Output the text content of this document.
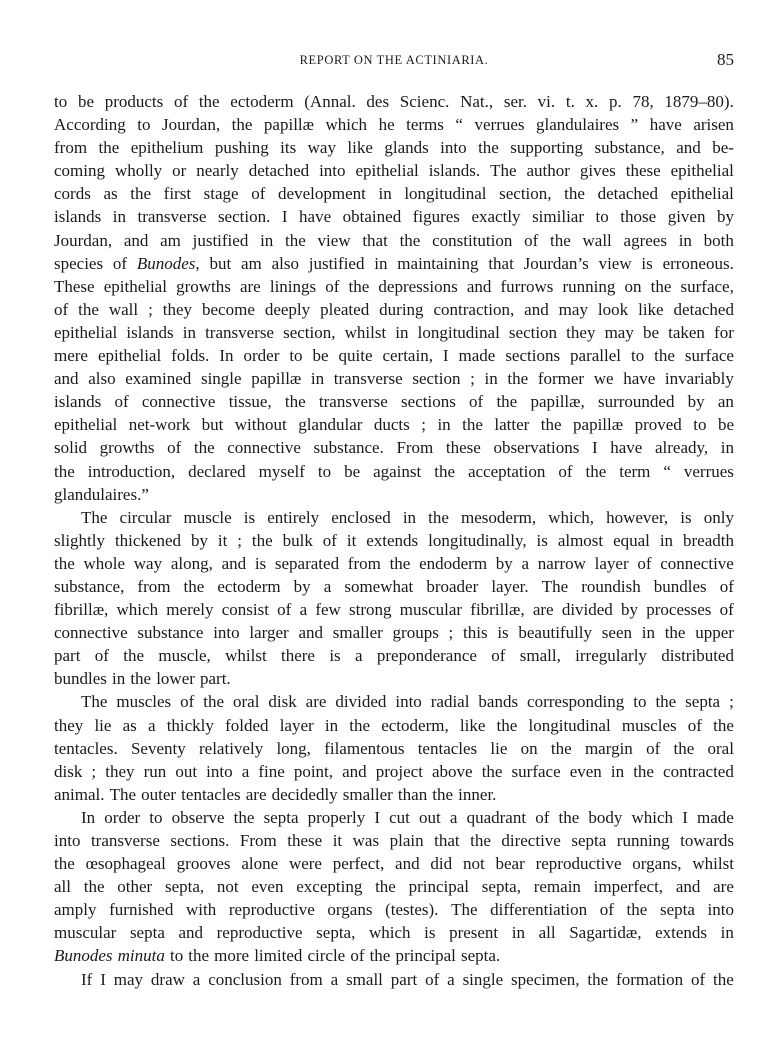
REPORT ON THE ACTINIARIA.	85
to be products of the ectoderm (Annal. des Scienc. Nat., ser. vi. t. x. p. 78, 1879–80).
According to Jourdan, the papillæ which he terms “ verrues glandulaires ” have arisen
from the epithelium pushing its way like glands into the supporting substance, and be-
coming wholly or nearly detached into epithelial islands. The author gives these epithelial
cords as the first stage of development in longitudinal section, the detached epithelial
islands in transverse section. I have obtained figures exactly similiar to those given by
Jourdan, and am justified in the view that the constitution of the wall agrees in both
species of Bunodes, but am also justified in maintaining that Jourdan’s view is erroneous.
These epithelial growths are linings of the depressions and furrows running on the surface,
of the wall ; they become deeply pleated during contraction, and may look like detached
epithelial islands in transverse section, whilst in longitudinal section they may be taken for
mere epithelial folds. In order to be quite certain, I made sections parallel to the surface
and also examined single papillæ in transverse section ; in the former we have invariably
islands of connective tissue, the transverse sections of the papillæ, surrounded by an
epithelial net-work but without glandular ducts ; in the latter the papillæ proved to be
solid growths of the connective substance. From these observations I have already, in
the introduction, declared myself to be against the acceptation of the term “ verrues
glandulaires.”
The circular muscle is entirely enclosed in the mesoderm, which, however, is only
slightly thickened by it ; the bulk of it extends longitudinally, is almost equal in breadth
the whole way along, and is separated from the endoderm by a narrow layer of connective
substance, from the ectoderm by a somewhat broader layer. The roundish bundles of
fibrillæ, which merely consist of a few strong muscular fibrillæ, are divided by processes of
connective substance into larger and smaller groups ; this is beautifully seen in the upper
part of the muscle, whilst there is a preponderance of small, irregularly distributed
bundles in the lower part.
The muscles of the oral disk are divided into radial bands corresponding to the septa ;
they lie as a thickly folded layer in the ectoderm, like the longitudinal muscles of the
tentacles. Seventy relatively long, filamentous tentacles lie on the margin of the oral
disk ; they run out into a fine point, and project above the surface even in the contracted
animal. The outer tentacles are decidedly smaller than the inner.
In order to observe the septa properly I cut out a quadrant of the body which I made
into transverse sections. From these it was plain that the directive septa running towards
the œsophageal grooves alone were perfect, and did not bear reproductive organs, whilst
all the other septa, not even excepting the principal septa, remain imperfect, and are
amply furnished with reproductive organs (testes). The differentiation of the septa into
muscular septa and reproductive septa, which is present in all Sagartidæ, extends in
Bunodes minuta to the more limited circle of the principal septa.
If I may draw a conclusion from a small part of a single specimen, the formation of the
